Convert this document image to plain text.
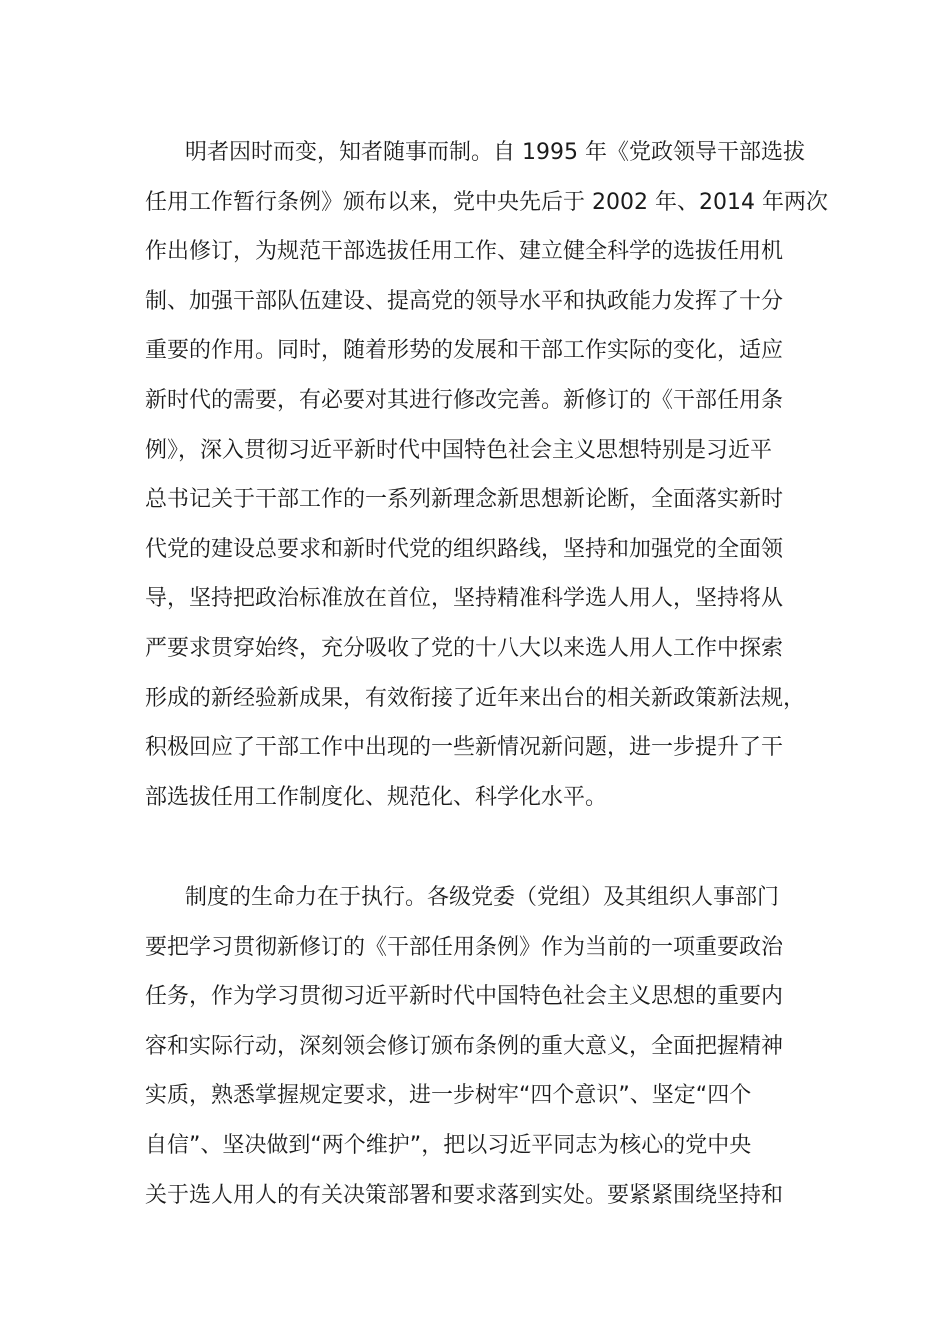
明者因时而变，知者随事而制。自 1995 年《党政领导干部选拔
任用工作暂行条例》颁布以来，党中央先后于 2002 年、2014 年两次
作出修订，为规范干部选拔任用工作、建立健全科学的选拔任用机
制、加强干部队伍建设、提高党的领导水平和执政能力发挥了十分
重要的作用。同时，随着形势的发展和干部工作实际的变化，适应
新时代的需要，有必要对其进行修改完善。新修订的《干部任用条
例》，深入贯彻习近平新时代中国特色社会主义思想特别是习近平
总书记关于干部工作的一系列新理念新思想新论断，全面落实新时
代党的建设总要求和新时代党的组织路线，坚持和加强党的全面领
导，坚持把政治标准放在首位，坚持精准科学选人用人，坚持将从
严要求贯穿始终，充分吸收了党的十八大以来选人用人工作中探索
形成的新经验新成果，有效衔接了近年来出台的相关新政策新法规，
积极回应了干部工作中出现的一些新情况新问题，进一步提升了干
部选拔任用工作制度化、规范化、科学化水平。
制度的生命力在于执行。各级党委（党组）及其组织人事部门
要把学习贯彻新修订的《干部任用条例》作为当前的一项重要政治
任务，作为学习贯彻习近平新时代中国特色社会主义思想的重要内
容和实际行动，深刻领会修订颁布条例的重大意义，全面把握精神
实质，熟悉掌握规定要求，进一步树牢“四个意识”、坚定“四个
自信”、坚决做到“两个维护”，把以习近平同志为核心的党中央
关于选人用人的有关决策部署和要求落到实处。要紧紧围绕坚持和
